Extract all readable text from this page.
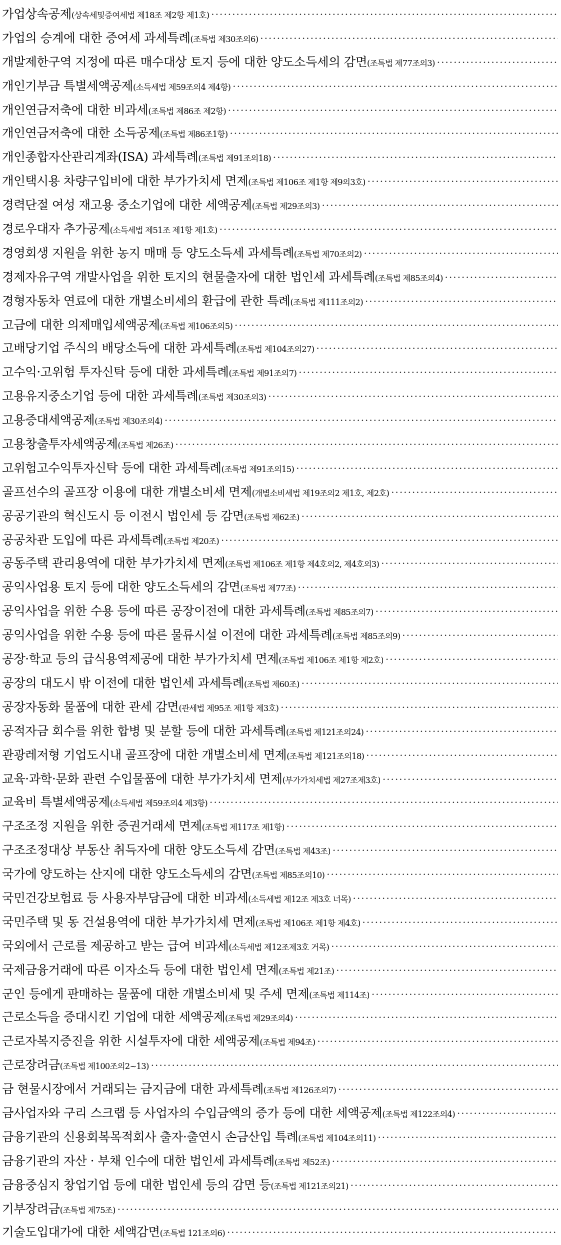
가업상속공제 (상속세및증여세법 제18조 제2항 제1호)
·····
가업의 승계에 대한 증여세 과세특례 (조특법 제30조의6)
·····
개발제한구역 지정에 따른 매수대상 토지 등에 대한 양도소득세의 감면 (조특법 제77조의3)
·····
개인기부금 특별세액공제 (소득세법 제59조의4 제4항)
·····
개인연금저축에 대한 비과세 (조특법 제86조 제2항)
·····
개인연금저축에 대한 소득공제 (조특법 제86조1항)
·····
개인종합자산관리계좌(ISA) 과세특례 (조특법 제91조의18)
·····
개인택시용 차량구입비에 대한 부가가치세 면제 (조특법 제106조 제1항 제9의3호)
·····
경력단절 여성 재고용 중소기업에 대한 세액공제 (조특법 제29조의3)
·····
경로우대자 추가공제 (소득세법 제51조 제1항 제1호)
·····
경영회생 지원을 위한 농지 매매 등 양도소득세 과세특례 (조특법 제70조의2)
·····
경제자유구역 개발사업을 위한 토지의 현물출자에 대한 법인세 과세특례 (조특법 제85조의4)
·····
경형자동차 연료에 대한 개별소비세의 환급에 관한 특례 (조특법 제111조의2)
·····
고금에 대한 의제매입세액공제 (조특법 제106조의5)
·····
고배당기업 주식의 배당소득에 대한 과세특례 (조특법 제104조의27)
·····
고수익·고위험 투자신탁 등에 대한 과세특례 (조특법 제91조의7)
·····
고용유지중소기업 등에 대한 과세특례 (조특법 제30조의3)
·····
고용증대세액공제 (조특법 제30조의4)
·····
고용창출투자세액공제 (조특법 제26조)
·····
고위험고수익투자신탁 등에 대한 과세특례 (조특법 제91조의15)
·····
골프선수의 골프장 이용에 대한 개별소비세 면제 (개별소비세법 제19조의2 제1호, 제2호)
·····
공공기관의 혁신도시 등 이전시 법인세 등 감면 (조특법 제62조)
·····
공공차관 도입에 따른 과세특례 (조특법 제20조)
·····
공동주택 관리용역에 대한 부가가치세 면제 (조특법 제106조 제1항 제4호의2, 제4호의3)
·····
공익사업용 토지 등에 대한 양도소득세의 감면 (조특법 제77조)
·····
공익사업을 위한 수용 등에 따른 공장이전에 대한 과세특례 (조특법 제85조의7)
·····
공익사업을 위한 수용 등에 따른 물류시설 이전에 대한 과세특례 (조특법 제85조의9)
·····
공장·학교 등의 급식용역제공에 대한 부가가치세 면제 (조특법 제106조 제1항 제2호)
·····
공장의 대도시 밖 이전에 대한 법인세 과세특례 (조특법 제60조)
·····
공장자동화 물품에 대한 관세 감면 (관세법 제95조 제1항 제3호)
·····
공적자금 회수를 위한 합병 및 분할 등에 대한 과세특례 (조특법 제121조의24)
·····
관광레저형 기업도시내 골프장에 대한 개별소비세 면제 (조특법 제121조의18)
·····
교육·과학·문화 관련 수입물품에 대한 부가가치세 면제 (부가가치세법 제27조제3호)
·····
교육비 특별세액공제 (소득세법 제59조의4 제3항)
·····
구조조정 지원을 위한 증권거래세 면제 (조특법 제117조 제1항)
·····
구조조정대상 부동산 취득자에 대한 양도소득세 감면 (조특법 제43조)
·····
국가에 양도하는 산지에 대한 양도소득세의 감면 (조특법 제85조의10)
·····
국민건강보험료 등 사용자부담금에 대한 비과세 (소득세법 제12조 제3호 너목)
·····
국민주택 및 동 건설용역에 대한 부가가치세 면제 (조특법 제106조 제1항 제4호)
·····
국외에서 근로를 제공하고 받는 급여 비과세 (소득세법 제12조제3호 거목)
·····
국제금융거래에 따른 이자소득 등에 대한 법인세 면제 (조특법 제21조)
·····
군인 등에게 판매하는 물품에 대한 개별소비세 및 주세 면제 (조특법 제114조)
·····
근로소득을 증대시킨 기업에 대한 세액공제 (조특법 제29조의4)
·····
근로자복지증진을 위한 시설투자에 대한 세액공제 (조특법 제94조)
·····
근로장려금 (조특법 제100조의2~13)
·····
금 현물시장에서 거래되는 금지금에 대한 과세특례 (조특법 제126조의7)
·····
금사업자와 구리 스크랩 등 사업자의 수입금액의 증가 등에 대한 세액공제 (조특법 제122조의4)
·····
금융기관의 신용회복목적회사 출자·출연시 손금산입 특례 (조특법 제104조의11)
·····
금융기관의 자산 · 부채 인수에 대한 법인세 과세특례 (조특법 제52조)
·····
금융중심지 창업기업 등에 대한 법인세 등의 감면 등 (조특법 제121조의21)
·····
기부장려금 (조특법 제75조)
·····
기술도입대가에 대한 세액감면 (조특법 121조의6)
·····
